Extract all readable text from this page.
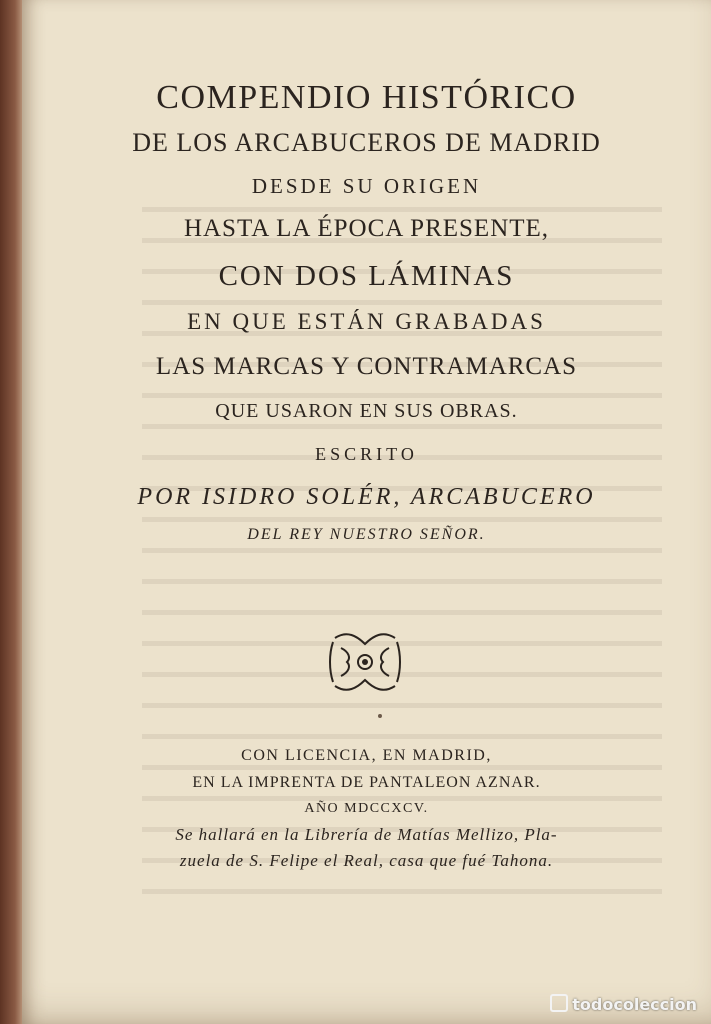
COMPENDIO HISTÓRICO
DE LOS ARCABUCEROS DE MADRID
DESDE SU ORIGEN
HASTA LA ÉPOCA PRESENTE,
CON DOS LÁMINAS
EN QUE ESTÁN GRABADAS
LAS MARCAS Y CONTRAMARCAS
QUE USARON EN SUS OBRAS.
ESCRITO
POR ISIDRO SOLÉR, ARCABUCERO
DEL REY NUESTRO SEÑOR.
CON LICENCIA, EN MADRID,
EN LA IMPRENTA DE PANTALEON AZNAR.
AÑO MDCCXCV.
Se hallará en la Librería de Matías Mellizo, Pla-
zuela de S. Felipe el Real, casa que fué Tahona.
todocoleccion
